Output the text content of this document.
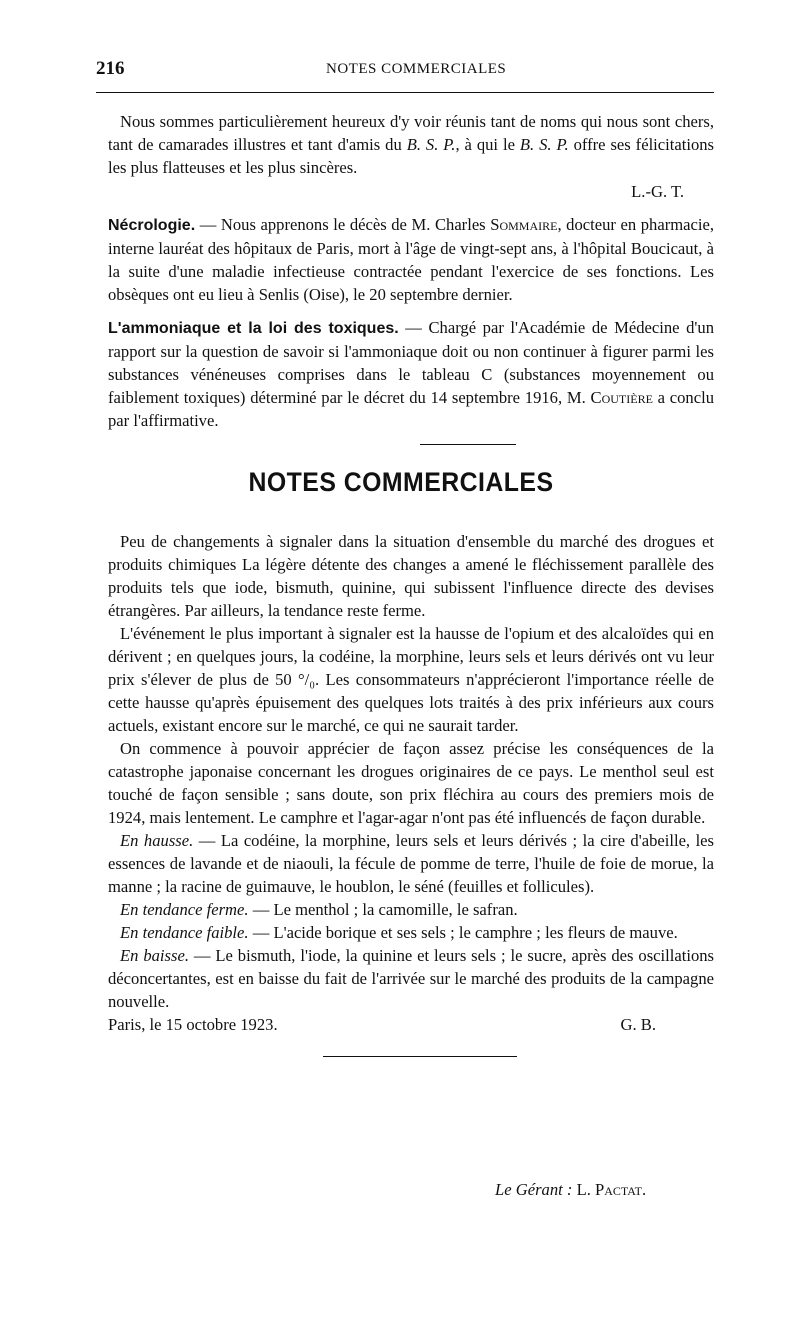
216	NOTES COMMERCIALES

Nous sommes particulièrement heureux d'y voir réunis tant de noms qui nous sont chers, tant de camarades illustres et tant d'amis du B. S. P., à qui le B. S. P. offre ses félicitations les plus flatteuses et les plus sincères.

L.-G. T.

Nécrologie. — Nous apprenons le décès de M. Charles Sommaire, docteur en pharmacie, interne lauréat des hôpitaux de Paris, mort à l'âge de vingt-sept ans, à l'hôpital Boucicaut, à la suite d'une maladie infectieuse contractée pendant l'exercice de ses fonctions. Les obsèques ont eu lieu à Senlis (Oise), le 20 septembre dernier.

L'ammoniaque et la loi des toxiques. — Chargé par l'Académie de Médecine d'un rapport sur la question de savoir si l'ammoniaque doit ou non continuer à figurer parmi les substances vénéneuses comprises dans le tableau C (substances moyennement ou faiblement toxiques) déterminé par le décret du 14 septembre 1916, M. Coutière a conclu par l'affirmative.

NOTES COMMERCIALES

Peu de changements à signaler dans la situation d'ensemble du marché des drogues et produits chimiques La légère détente des changes a amené le fléchissement parallèle des produits tels que iode, bismuth, quinine, qui subissent l'influence directe des devises étrangères. Par ailleurs, la tendance reste ferme.

L'événement le plus important à signaler est la hausse de l'opium et des alcaloïdes qui en dérivent ; en quelques jours, la codéine, la morphine, leurs sels et leurs dérivés ont vu leur prix s'élever de plus de 50 °/₀. Les consommateurs n'apprécieront l'importance réelle de cette hausse qu'après épuisement des quelques lots traités à des prix inférieurs aux cours actuels, existant encore sur le marché, ce qui ne saurait tarder.

On commence à pouvoir apprécier de façon assez précise les conséquences de la catastrophe japonaise concernant les drogues originaires de ce pays. Le menthol seul est touché de façon sensible ; sans doute, son prix fléchira au cours des premiers mois de 1924, mais lentement. Le camphre et l'agar-agar n'ont pas été influencés de façon durable.

En hausse. — La codéine, la morphine, leurs sels et leurs dérivés ; la cire d'abeille, les essences de lavande et de niaouli, la fécule de pomme de terre, l'huile de foie de morue, la manne ; la racine de guimauve, le houblon, le séné (feuilles et follicules).

En tendance ferme. — Le menthol ; la camomille, le safran.

En tendance faible. — L'acide borique et ses sels ; le camphre ; les fleurs de mauve.

En baisse. — Le bismuth, l'iode, la quinine et leurs sels ; le sucre, après des oscillations déconcertantes, est en baisse du fait de l'arrivée sur le marché des produits de la campagne nouvelle.

Paris, le 15 octobre 1923.	G. B.

Le Gérant : L. Pactat.
